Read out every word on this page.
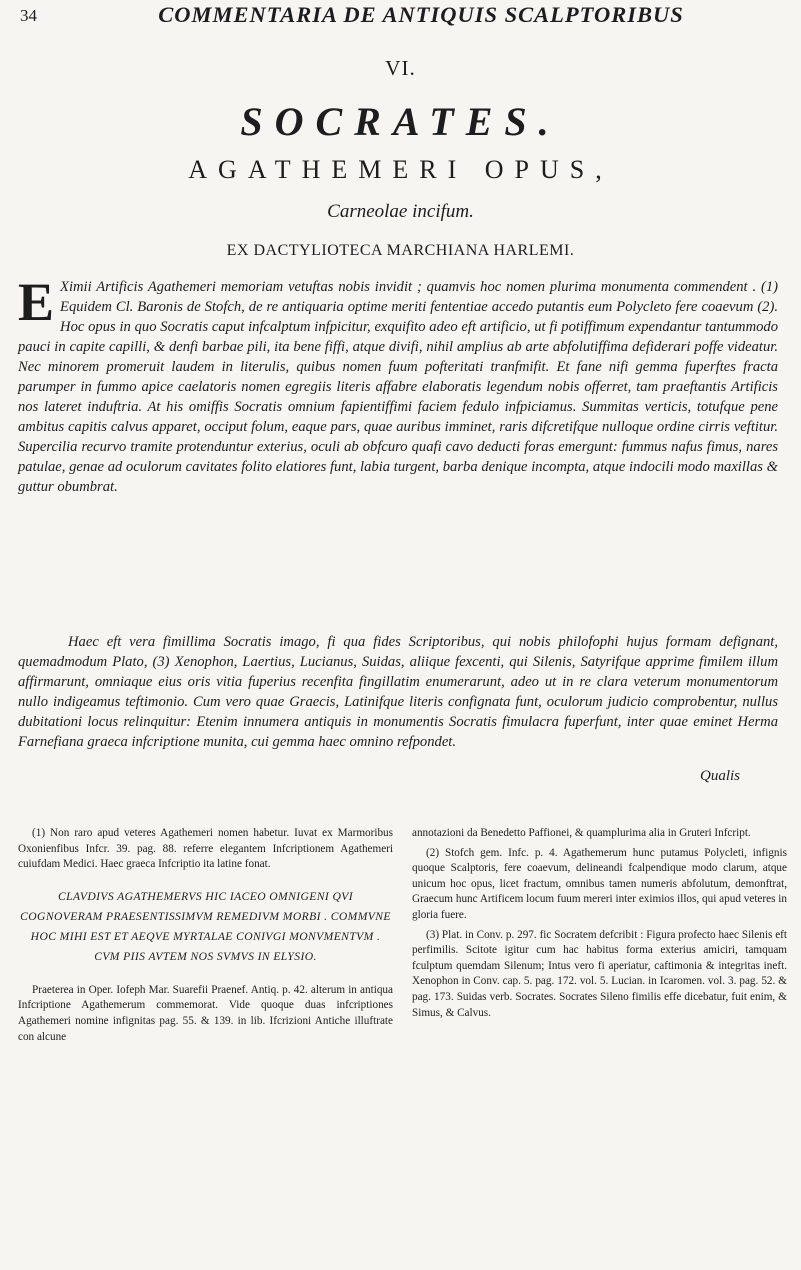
34	COMMENTARIA DE ANTIQUIS SCALPTORIBUS
VI.
SOCRATES.
AGATHEMERI OPUS,
Carneolae incifum.
EX DACTYLIOTECA MARCHIANA HARLEMI.
E Ximii Artificis Agathemeri memoriam vetuftas nobis invidit ; quamvis hoc nomen plurima monumenta commendent . (1) Equidem Cl. Baronis de Stofch, de re antiquaria optime meriti fententiae accedo putantis eum Polycleto fere coaevum (2). Hoc opus in quo Socratis caput infcalptum infpicitur, exquifito adeo eft artificio, ut fi potiffimum expendantur tantummodo pauci in capite capilli, & denfi barbae pili, ita bene fiffi, atque divifi, nihil amplius ab arte abfolutiffima defiderari poffe videatur. Nec minorem promeruit laudem in literulis, quibus nomen fuum pofteritati tranfmifit. Et fane nifi gemma fuperftes fracta parumper in fummo apice caelatoris nomen egregiis literis affabre elaboratis legendum nobis offerret, tam praeftantis Artificis nos lateret induftria. At his omiffis Socratis omnium fapientiffimi faciem fedulo infpiciamus. Summitas verticis, totufque pene ambitus capitis calvus apparet, occiput folum, eaque pars, quae auribus imminet, raris difcretifque nulloque ordine cirris veftitur. Supercilia recurvo tramite protenduntur exterius, oculi ab obfcuro quafi cavo deducti foras emergunt: fummus nafus fimus, nares patulae, genae ad oculorum cavitates folito elatiores funt, labia turgent, barba denique incompta, atque indocili modo maxillas & guttur obumbrat.
Haec eft vera fimillima Socratis imago, fi qua fides Scriptoribus, qui nobis philofophi hujus formam defignant, quemadmodum Plato, (3) Xenophon, Laertius, Lucianus, Suidas, aliique fexcenti, qui Silenis, Satyrifque apprime fimilem illum affirmarunt, omniaque eius oris vitia fuperius recenfita fingillatim enumerarunt, adeo ut in re clara veterum monumentorum nullo indigeamus teftimonio. Cum vero quae Graecis, Latinifque literis confignata funt, oculorum judicio comprobentur, nullus dubitationi locus relinquitur: Etenim innumera antiquis in monumentis Socratis fimulacra fuperfunt, inter quae eminet Herma Farnefiana graeca infcriptione munita, cui gemma haec omnino refpondet.
Qualis

(1) Non raro apud veteres Agathemeri nomen habetur. Iuvat ex Marmoribus Oxonienfibus Infcr. 39. pag. 88. referre elegantem Infcriptionem Agathemeri cuiufdam Medici. Haec graeca Infcriptio ita latine fonat.

CLAVDIVS AGATHEMERVS HIC IACEO OMNIGENI QVI COGNOVERAM PRAESENTISSIMVM REMEDIVM MORBI . COMMVNE HOC MIHI EST ET AEQVE MYRTALAE CONIVGI MONVMENTVM . CVM PIIS AVTEM NOS SVMVS IN ELYSIO.

Praeterea in Oper. Iofeph Mar. Suarefii Praenef. Antiq. p. 42. alterum in antiqua Infcriptione Agathemerum commemorat. Vide quoque duas infcriptiones Agathemeri nomine infignitas pag. 55. & 139. in lib. Ifcrizioni Antiche illuftrate con alcune

annotazioni da Benedetto Paffionei, & quamplurima alia in Gruteri Infcript.

(2) Stofch gem. Infc. p. 4. Agathemerum hunc putamus Polycleti, infignis quoque Scalptoris, fere coaevum, delineandi fcalpendique modo clarum, atque unicum hoc opus, licet fractum, omnibus tamen numeris abfolutum, demonftrat, Graecum hunc Artificem locum fuum mereri inter eximios illos, qui apud veteres in gloria fuere.

(3) Plat. in Conv. p. 297. fic Socratem defcribit : Figura profecto haec Silenis eft perfimilis. Scitote igitur cum hac habitus forma exterius amiciri, tamquam fculptum quemdam Silenum; Intus vero fi aperiatur, caftimonia & integritas ineft. Xenophon in Conv. cap. 5. pag. 172. vol. 5. Lucian. in Icaromen. vol. 3. pag. 52. & pag. 173. Suidas verb. Socrates. Socrates Sileno fimilis effe dicebatur, fuit enim, & Simus, & Calvus.
